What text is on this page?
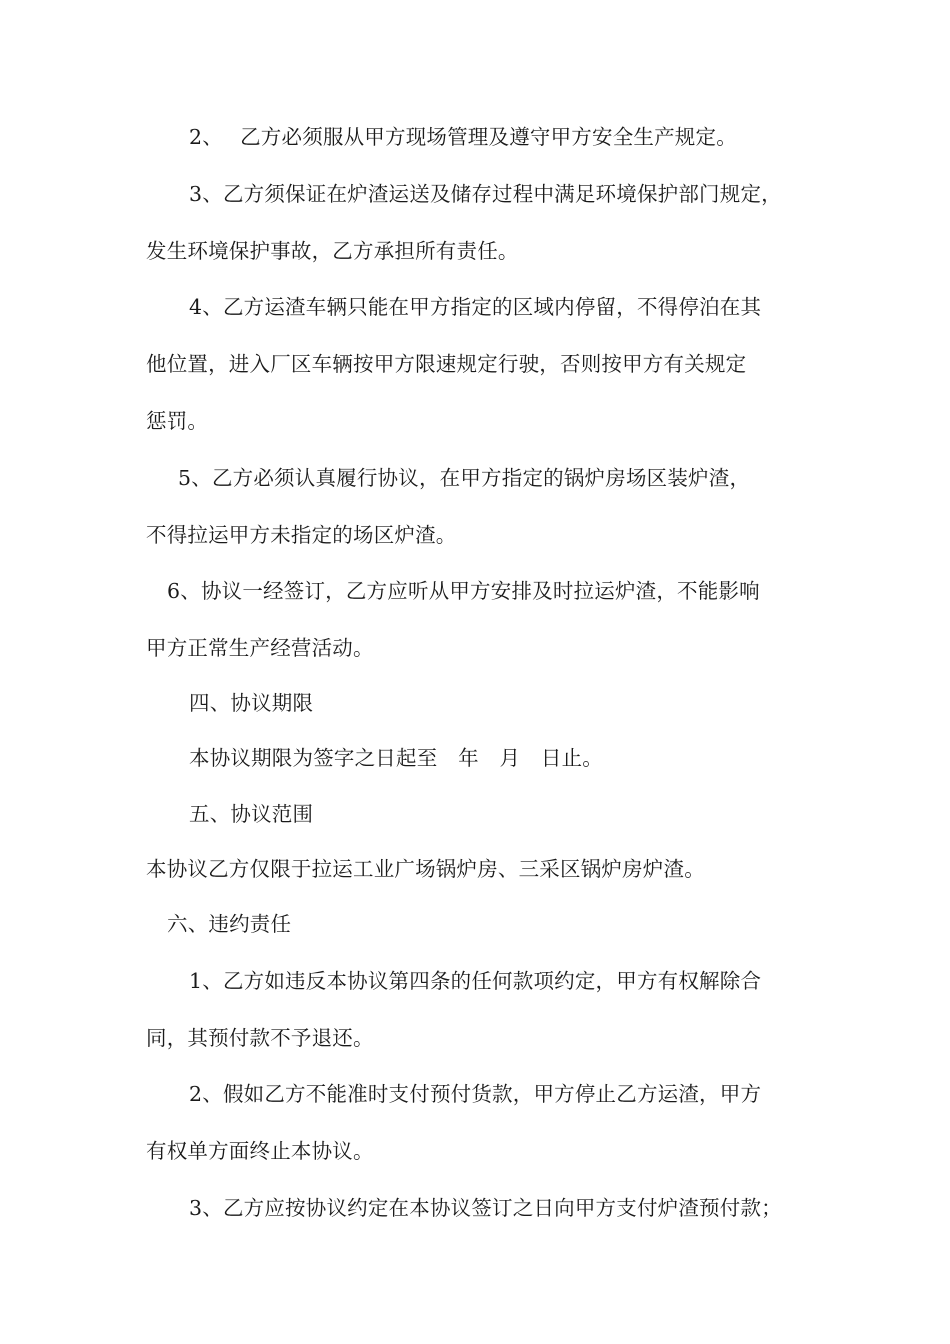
2、　 乙方必须服从甲方现场管理及遵守甲方安全生产规定。
3、乙方须保证在炉渣运送及储存过程中满足环境保护部门规定，
发生环境保护事故，乙方承担所有责任。
4、乙方运渣车辆只能在甲方指定的区域内停留，不得停泊在其
他位置，进入厂区车辆按甲方限速规定行驶，否则按甲方有关规定
惩罚。
5、乙方必须认真履行协议，在甲方指定的锅炉房场区装炉渣，
不得拉运甲方未指定的场区炉渣。
6、协议一经签订，乙方应听从甲方安排及时拉运炉渣，不能影响
甲方正常生产经营活动。
四、协议期限
本协议期限为签字之日起至　年　月　日止。
五、协议范围
本协议乙方仅限于拉运工业广场锅炉房、三采区锅炉房炉渣。
六、违约责任
1、乙方如违反本协议第四条的任何款项约定，甲方有权解除合
同，其预付款不予退还。
2、假如乙方不能准时支付预付货款，甲方停止乙方运渣，甲方
有权单方面终止本协议。
3、乙方应按协议约定在本协议签订之日向甲方支付炉渣预付款；
